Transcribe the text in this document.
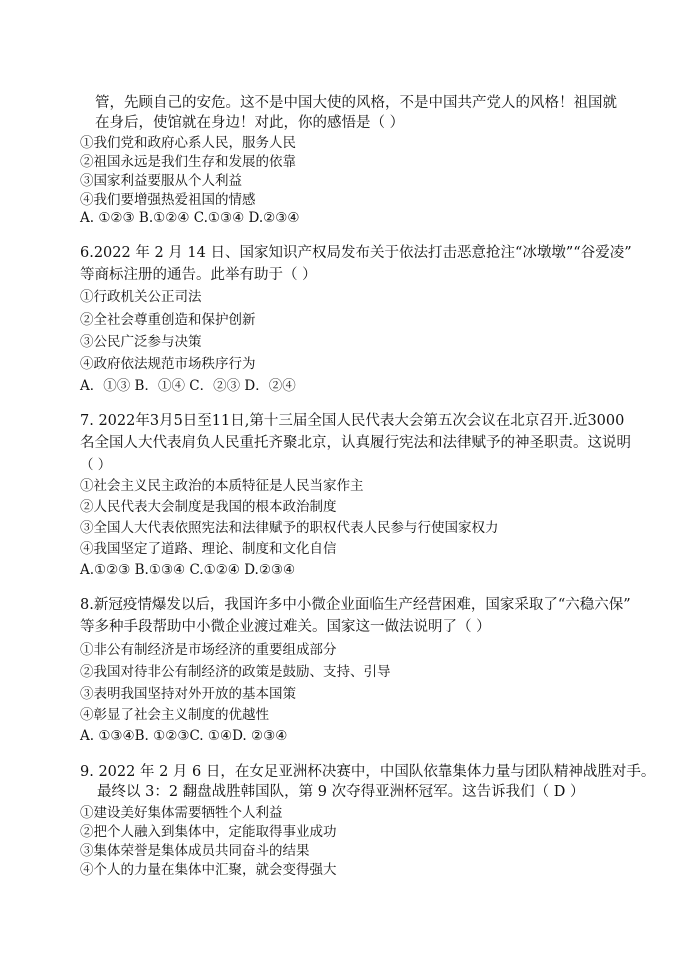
管，先顾自己的安危。这不是中国大使的风格，不是中国共产党人的风格！祖国就
在身后，使馆就在身边！对此，你的感悟是（ ）
①我们党和政府心系人民，服务人民
②祖国永远是我们生存和发展的依靠
③国家利益要服从个人利益
④我们要增强热爱祖国的情感
A. ①②③ B.①②④ C.①③④ D.②③④
6.2022 年 2 月 14 日、国家知识产权局发布关于依法打击恶意抢注“冰墩墩”“谷爱凌”
等商标注册的通告。此举有助于（ ）
①行政机关公正司法
②全社会尊重创造和保护创新
③公民广泛参与决策
④政府依法规范市场秩序行为
A．①③ B．①④ C．②③ D．②④
7. 2022年3月5日至11日,第十三届全国人民代表大会第五次会议在北京召开.近3000
名全国人大代表肩负人民重托齐聚北京，认真履行宪法和法律赋予的神圣职责。这说明
（ ）
①社会主义民主政治的本质特征是人民当家作主
②人民代表大会制度是我国的根本政治制度
③全国人大代表依照宪法和法律赋予的职权代表人民参与行使国家权力
④我国坚定了道路、理论、制度和文化自信
A.①②③ B.①③④ C.①②④ D.②③④
8.新冠疫情爆发以后，我国许多中小微企业面临生产经营困难，国家采取了“六稳六保”
等多种手段帮助中小微企业渡过难关。国家这一做法说明了（ ）
①非公有制经济是市场经济的重要组成部分
②我国对待非公有制经济的政策是鼓励、支持、引导
③表明我国坚持对外开放的基本国策
④彰显了社会主义制度的优越性
A. ①③④B. ①②③C. ①④D. ②③④
9. 2022 年 2 月 6 日，在女足亚洲杯决赛中，中国队依靠集体力量与团队精神战胜对手。
最终以 3：2 翻盘战胜韩国队，第 9 次夺得亚洲杯冠军。这告诉我们（ D ）
①建设美好集体需要牺牲个人利益
②把个人融入到集体中，定能取得事业成功
③集体荣誉是集体成员共同奋斗的结果
④个人的力量在集体中汇聚，就会变得强大
